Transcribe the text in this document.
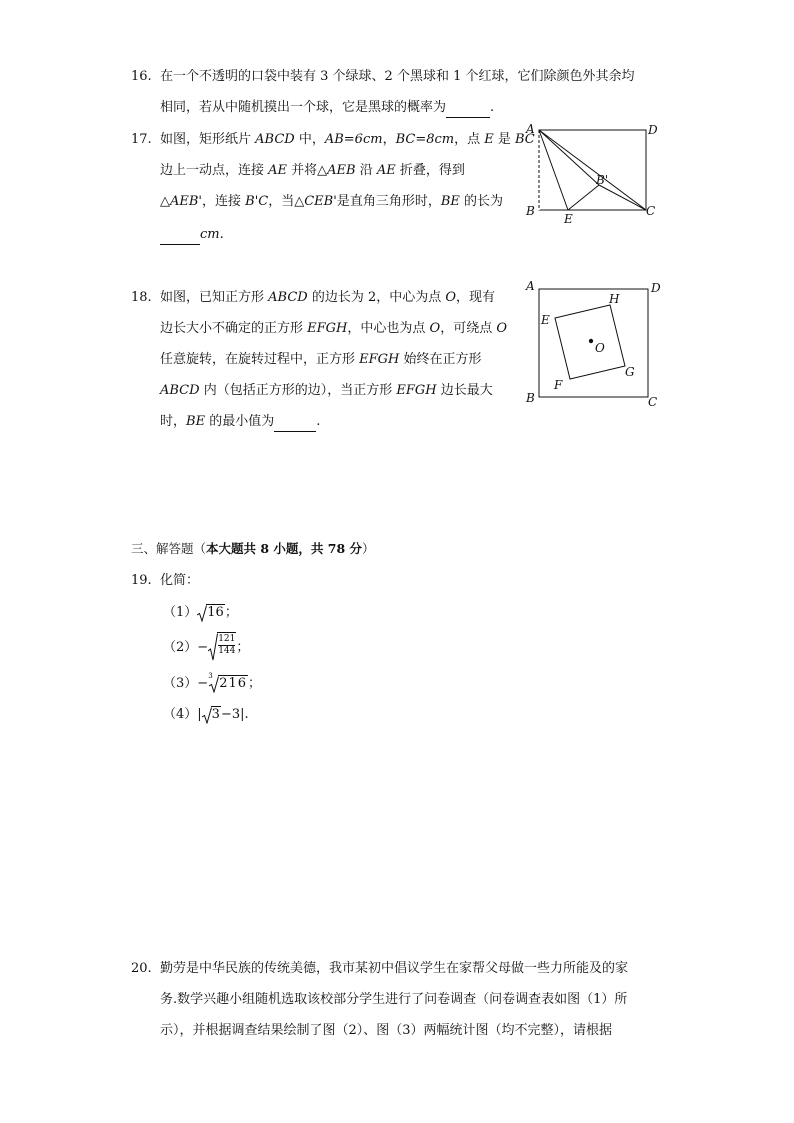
16. 在一个不透明的口袋中装有 3 个绿球、2 个黑球和 1 个红球，它们除颜色外其余均
相同，若从中随机摸出一个球，它是黑球的概率为	.
17. 如图，矩形纸片 ABCD 中，AB=6cm，BC=8cm，点 E 是 BC
边上一动点，连接 AE 并将△AEB 沿 AE 折叠，得到
△AEB'，连接 B'C，当△CEB'是直角三角形时，BE 的长为
cm.
A	D
B	C
E
B'
18. 如图，已知正方形 ABCD 的边长为 2，中心为点 O，现有
边长大小不确定的正方形 EFGH，中心也为点 O，可绕点 O
任意旋转，在旋转过程中，正方形 EFGH 始终在正方形
ABCD 内（包括正方形的边），当正方形 EFGH 边长最大
时，BE 的最小值为	.
A	D
B	C
E
H
G
F
O
三、解答题（本大题共 8 小题，共 78 分）
19. 化简：
（1） 16；
$(2)- \frac{121}{144}$ ；
（3）− 3 216；
（4）| 3−3|.
20. 勤劳是中华民族的传统美德，我市某初中倡议学生在家帮父母做一些力所能及的家
务.数学兴趣小组随机选取该校部分学生进行了问卷调查（问卷调查表如图（1）所
示），并根据调查结果绘制了图（2）、图（3）两幅统计图（均不完整），请根据
